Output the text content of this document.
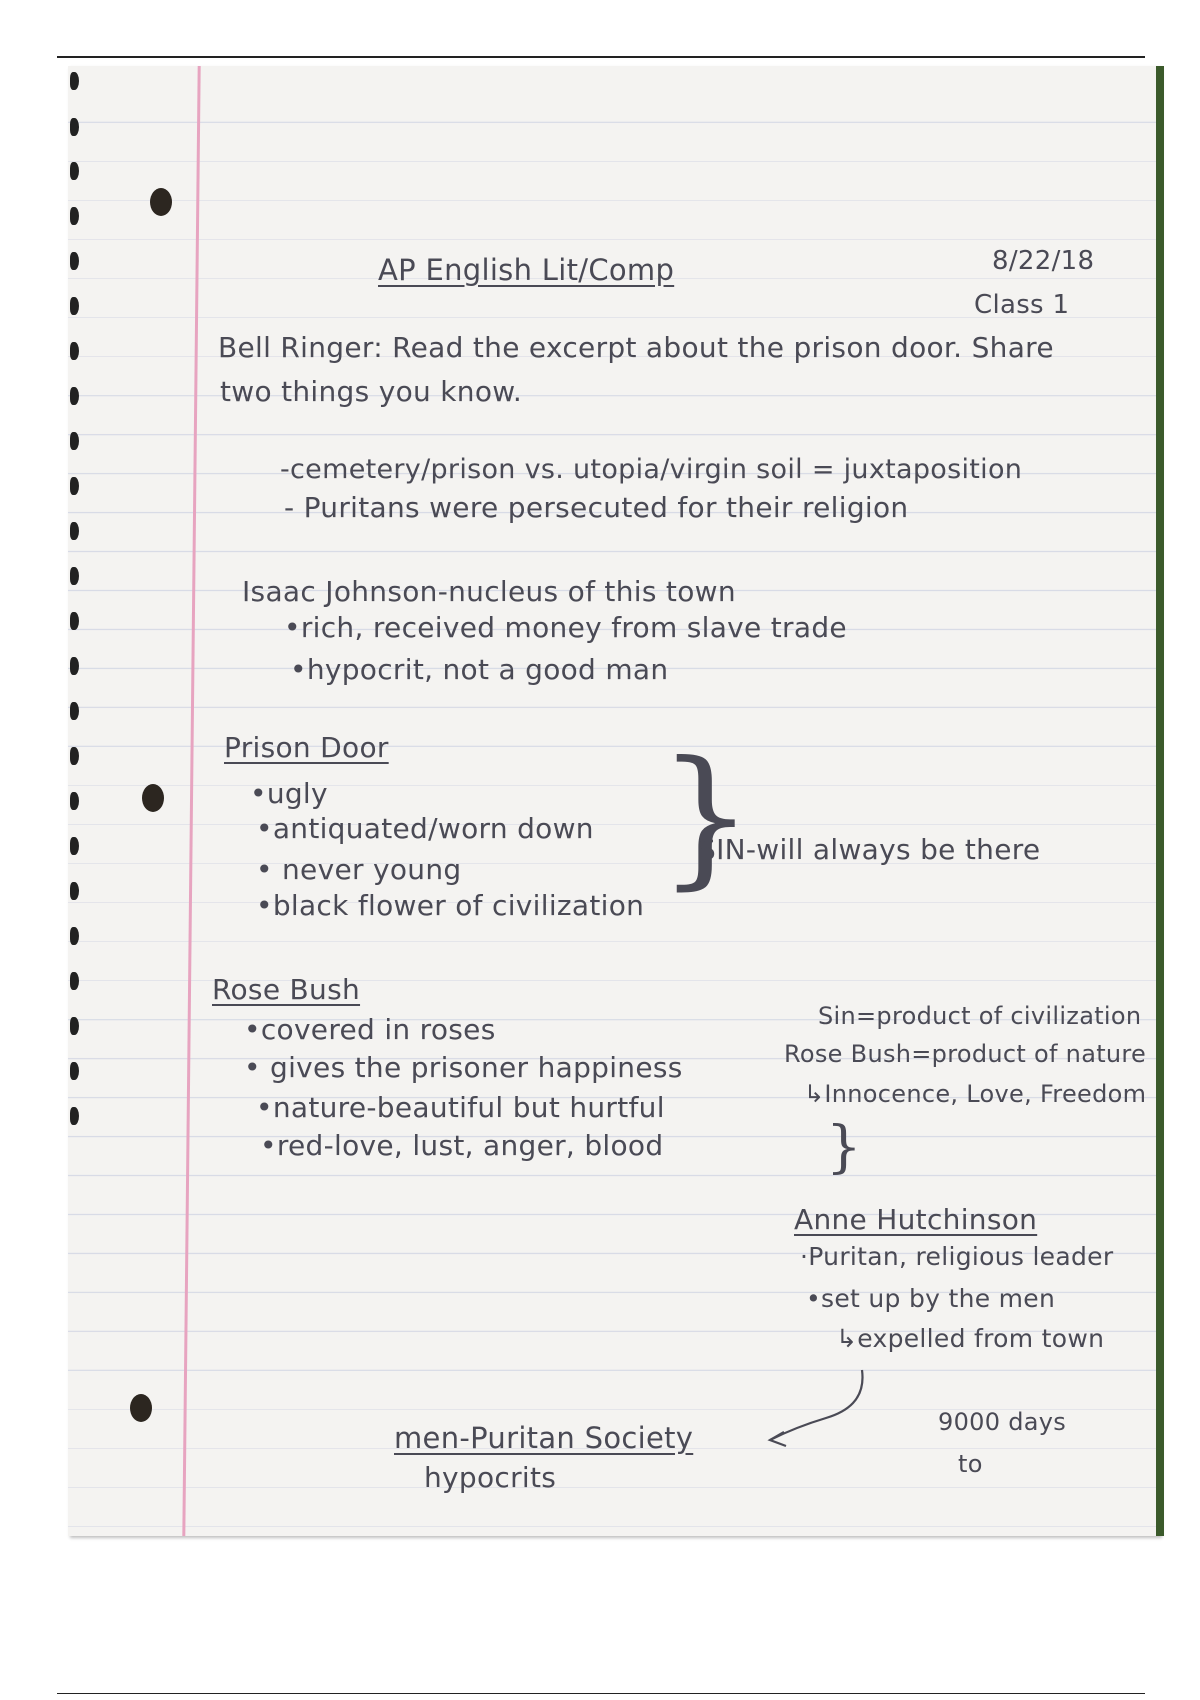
AP English Lit/Comp	8/22/18
Class 1
Bell Ringer: Read the excerpt about the prison door. Share
two things you know.
-cemetery/prison vs. utopia/virgin soil = juxtaposition
- Puritans were persecuted for their religion
Isaac Johnson-nucleus of this town
•rich, received money from slave trade
•hypocrit, not a good man
Prison Door
•ugly
•antiquated/worn down
• never young
•black flower of civilization
}
SIN-will always be there
Rose Bush
•covered in roses
• gives the prisoner happiness
•nature-beautiful but hurtful
•red-love, lust, anger, blood
Sin=product of civilization
Rose Bush=product of nature
↳Innocence, Love, Freedom
}
Anne Hutchinson
·Puritan, religious leader
•set up by the men
↳expelled from town
men-Puritan Society
hypocrits
9000 days
to
